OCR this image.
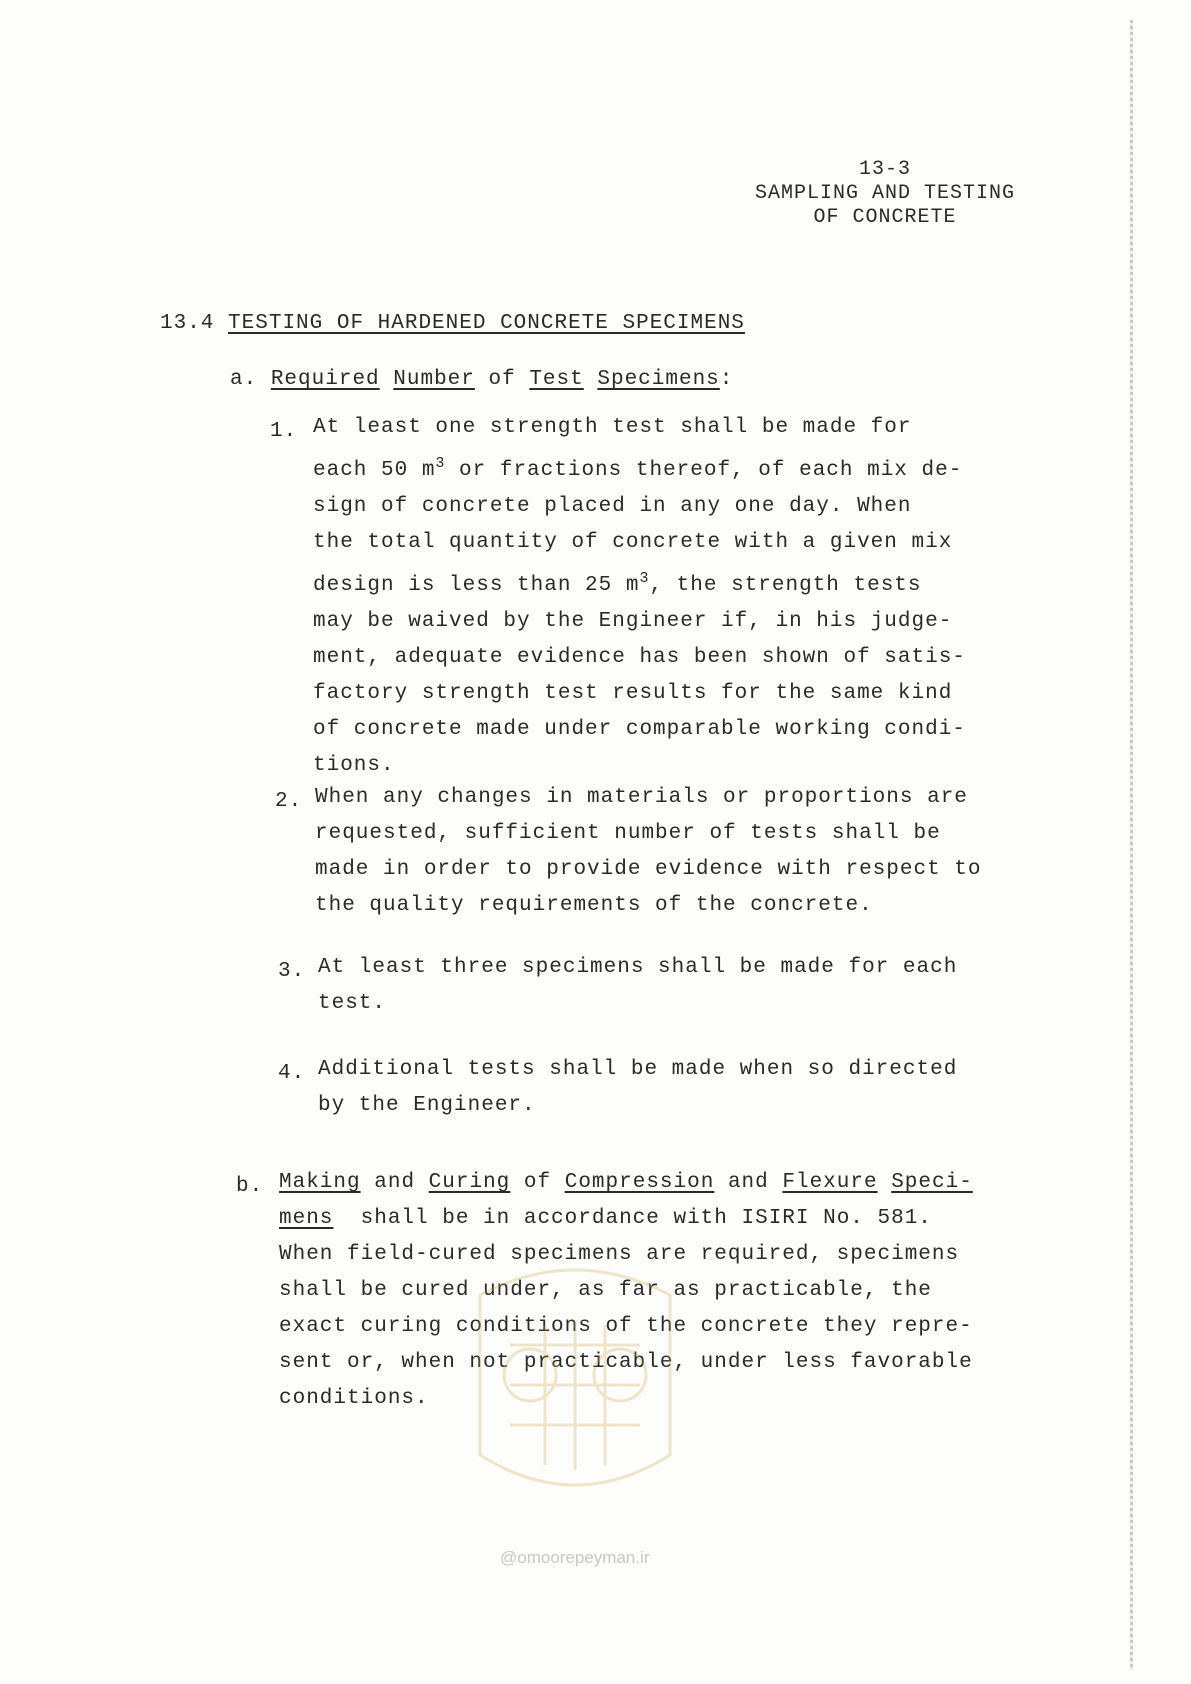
13-3
SAMPLING AND TESTING
OF CONCRETE
13.4 TESTING OF HARDENED CONCRETE SPECIMENS
a. Required Number of Test Specimens:
1. At least one strength test shall be made for
each 50 $m^3$ or fractions thereof, of each mix de-
sign of concrete placed in any one day. When
the total quantity of concrete with a given mix
design is less than 25 $m^3$, the strength tests
may be waived by the Engineer if, in his judge-
ment, adequate evidence has been shown of satis-
factory strength test results for the same kind
of concrete made under comparable working condi-
tions.
2. When any changes in materials or proportions are
requested, sufficient number of tests shall be
made in order to provide evidence with respect to
the quality requirements of the concrete.
3. At least three specimens shall be made for each
test.
4. Additional tests shall be made when so directed
by the Engineer.
b. Making and Curing of Compression and Flexure Speci-
mens  shall be in accordance with ISIRI No. 581.
When field-cured specimens are required, specimens
shall be cured under, as far as practicable, the
exact curing conditions of the concrete they repre-
sent or, when not practicable, under less favorable
conditions.
@omoorepeyman.ir
